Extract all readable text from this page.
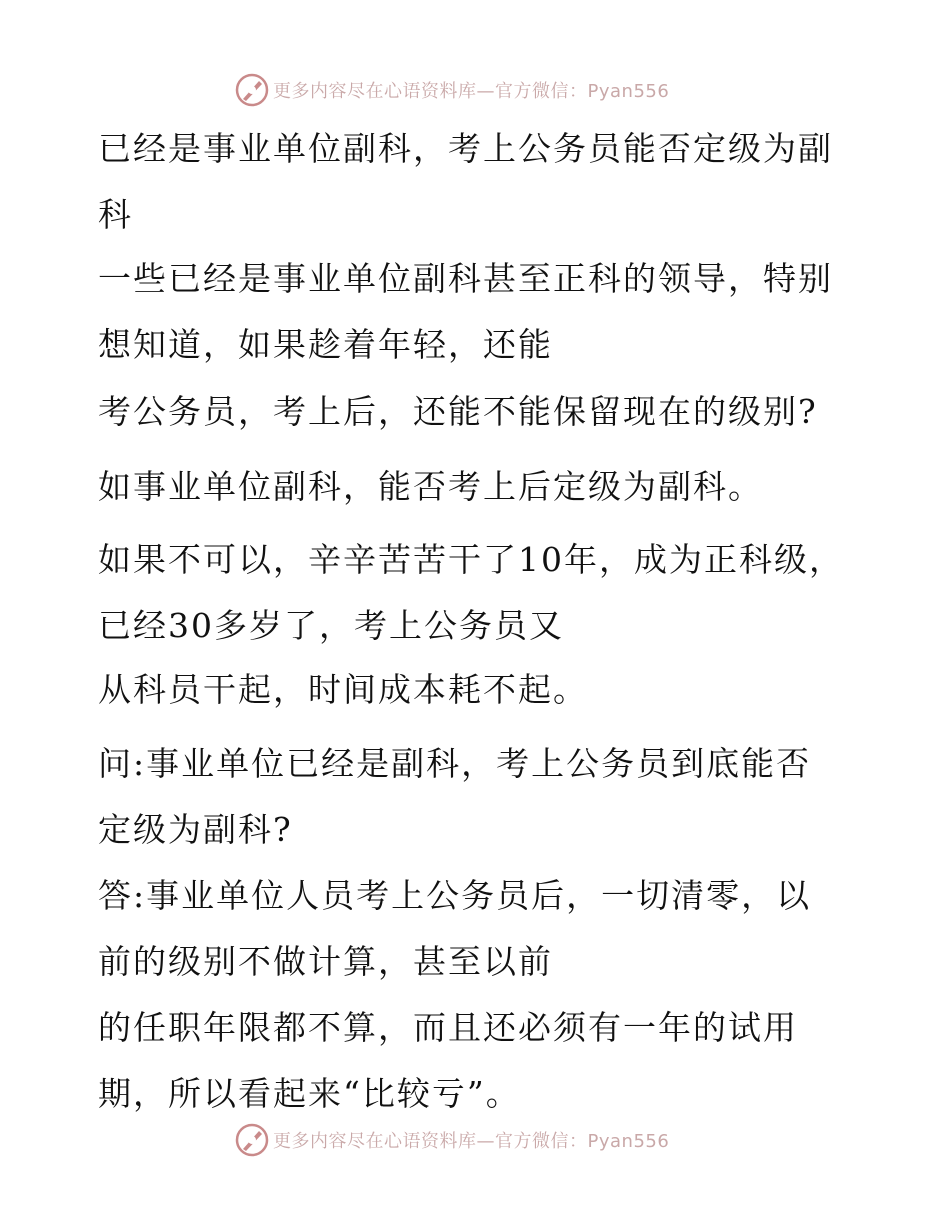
更多内容尽在心语资料库—官方微信：Pyan556

已经是事业单位副科，考上公务员能否定级为副
科

一些已经是事业单位副科甚至正科的领导，特别
想知道，如果趁着年轻，还能

考公务员，考上后，还能不能保留现在的级别?

如事业单位副科，能否考上后定级为副科。

如果不可以，辛辛苦苦干了10年，成为正科级，
已经30多岁了，考上公务员又

从科员干起，时间成本耗不起。

问:事业单位已经是副科，考上公务员到底能否
定级为副科?

答:事业单位人员考上公务员后，一切清零，以
前的级别不做计算，甚至以前

的任职年限都不算，而且还必须有一年的试用
期，所以看起来“比较亏”。

更多内容尽在心语资料库—官方微信：Pyan556
